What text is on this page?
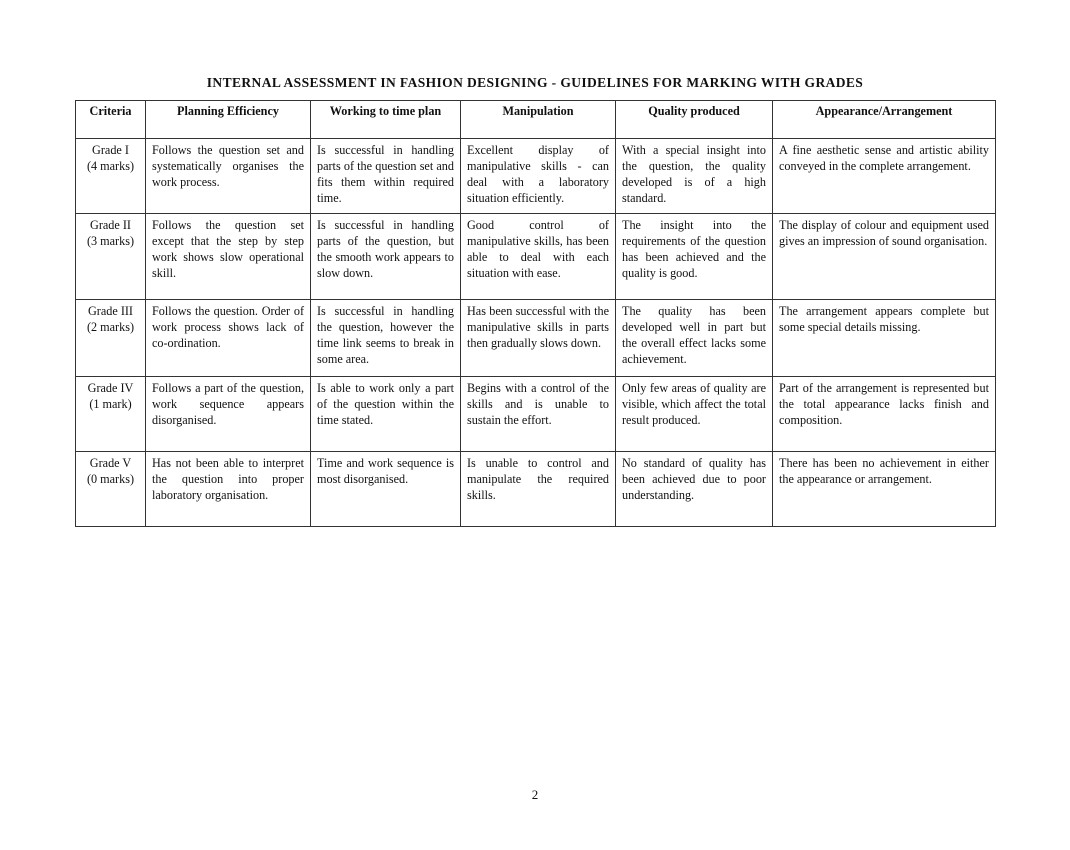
INTERNAL ASSESSMENT IN FASHION DESIGNING - GUIDELINES FOR MARKING WITH GRADES
Criteria	Planning Efficiency	Working to time plan	Manipulation	Quality produced	Appearance/Arrangement

Grade I
(4 marks)	Follows the question set and systematically organises the work process.	Is successful in handling parts of the question set and fits them within required time.	Excellent display of manipulative skills - can deal with a laboratory situation efficiently.	With a special insight into the question, the quality developed is of a high standard.	A fine aesthetic sense and artistic ability conveyed in the complete arrangement.

Grade II
(3 marks)	Follows the question set except that the step by step work shows slow operational skill.	Is successful in handling parts of the question, but the smooth work appears to slow down.	Good control of manipulative skills, has been able to deal with each situation with ease.	The insight into the requirements of the question has been achieved and the quality is good.	The display of colour and equipment used gives an impression of sound organisation.

Grade III
(2 marks)	Follows the question. Order of work process shows lack of co-ordination.	Is successful in handling the question, however the time link seems to break in some area.	Has been successful with the manipulative skills in parts then gradually slows down.	The quality has been developed well in part but the overall effect lacks some achievement.	The arrangement appears complete but some special details missing.

Grade IV
(1 mark)	Follows a part of the question, work sequence appears disorganised.	Is able to work only a part of the question within the time stated.	Begins with a control of the skills and is unable to sustain the effort.	Only few areas of quality are visible, which affect the total result produced.	Part of the arrangement is represented but the total appearance lacks finish and composition.

Grade V
(0 marks)	Has not been able to interpret the question into proper laboratory organisation.	Time and work sequence is most disorganised.	Is unable to control and manipulate the required skills.	No standard of quality has been achieved due to poor understanding.	There has been no achievement in either the appearance or arrangement.
2
